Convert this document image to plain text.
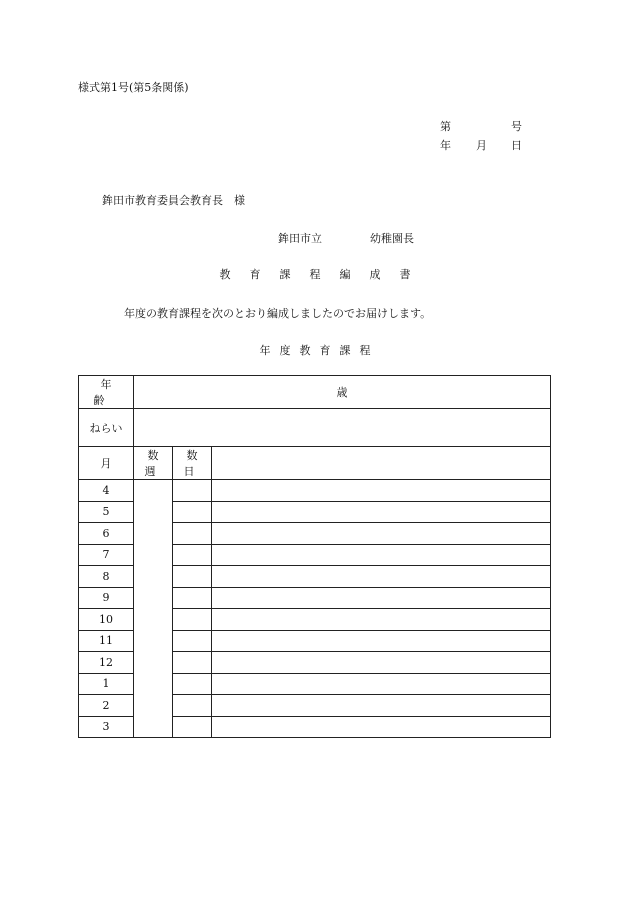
様式第1号(第5条関係)
第	号
年 月 日
鉾田市教育委員会教育長　様
鉾田市立	幼稚園長
教育課程編成書
年度の教育課程を次のとおり編成しましたのでお届けします。
年度教育課程
年齢	歳		
ねらい			
月	数週	数日	
4			
5			
6			
7			
8			
9			
10			
11			
12			
1			
2			
3			
